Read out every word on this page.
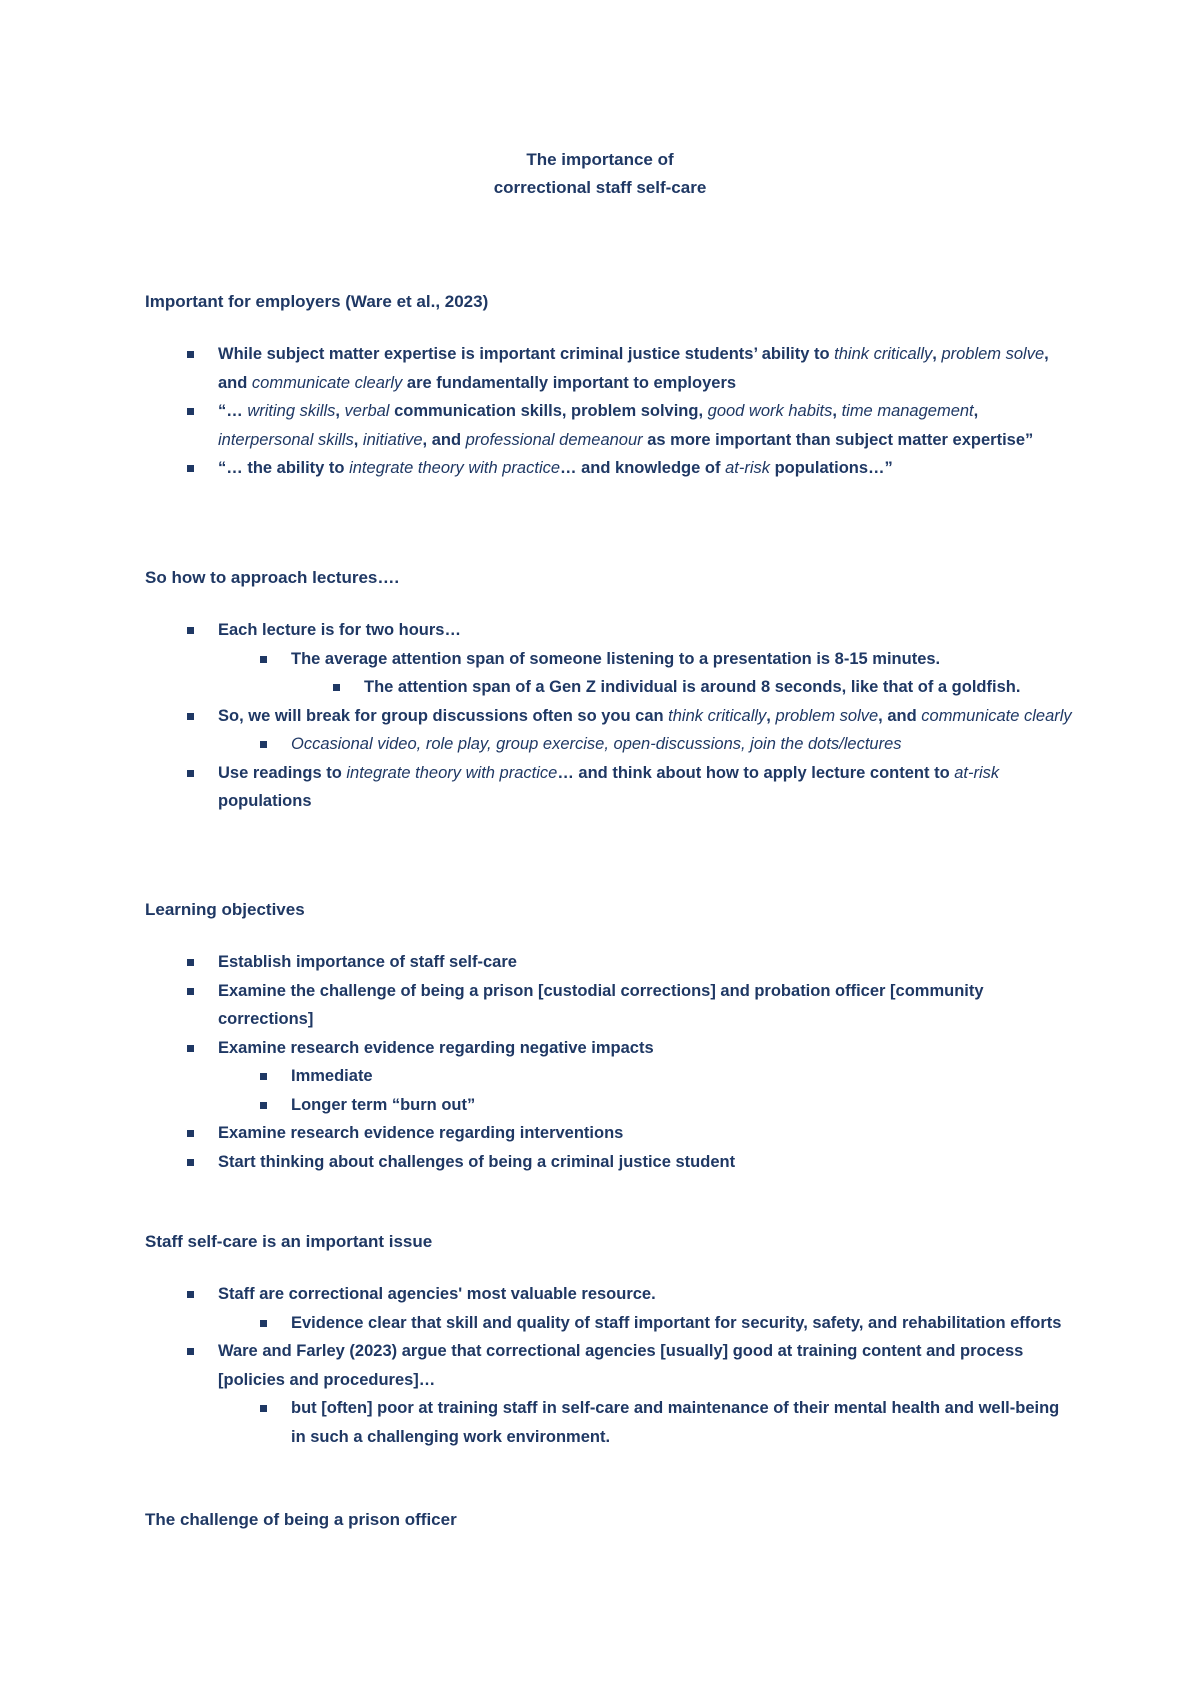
The importance of
correctional staff self-care
Important for employers (Ware et al., 2023)
While subject matter expertise is important criminal justice students’ ability to think critically, problem solve, and communicate clearly are fundamentally important to employers
“… writing skills, verbal communication skills, problem solving, good work habits, time management, interpersonal skills, initiative, and professional demeanour as more important than subject matter expertise”
“… the ability to integrate theory with practice… and knowledge of at-risk populations…”
So how to approach lectures….
Each lecture is for two hours…
The average attention span of someone listening to a presentation is 8-15 minutes.
The attention span of a Gen Z individual is around 8 seconds, like that of a goldfish.
So, we will break for group discussions often so you can think critically, problem solve, and communicate clearly
Occasional video, role play, group exercise, open-discussions, join the dots/lectures
Use readings to integrate theory with practice… and think about how to apply lecture content to at-risk populations
Learning objectives
Establish importance of staff self-care
Examine the challenge of being a prison [custodial corrections] and probation officer [community corrections]
Examine research evidence regarding negative impacts
Immediate
Longer term “burn out”
Examine research evidence regarding interventions
Start thinking about challenges of being a criminal justice student
Staff self-care is an important issue
Staff are correctional agencies' most valuable resource.
Evidence clear that skill and quality of staff important for security, safety, and rehabilitation efforts
Ware and Farley (2023) argue that correctional agencies [usually] good at training content and process [policies and procedures]…
but [often] poor at training staff in self-care and maintenance of their mental health and well-being in such a challenging work environment.
The challenge of being a prison officer
